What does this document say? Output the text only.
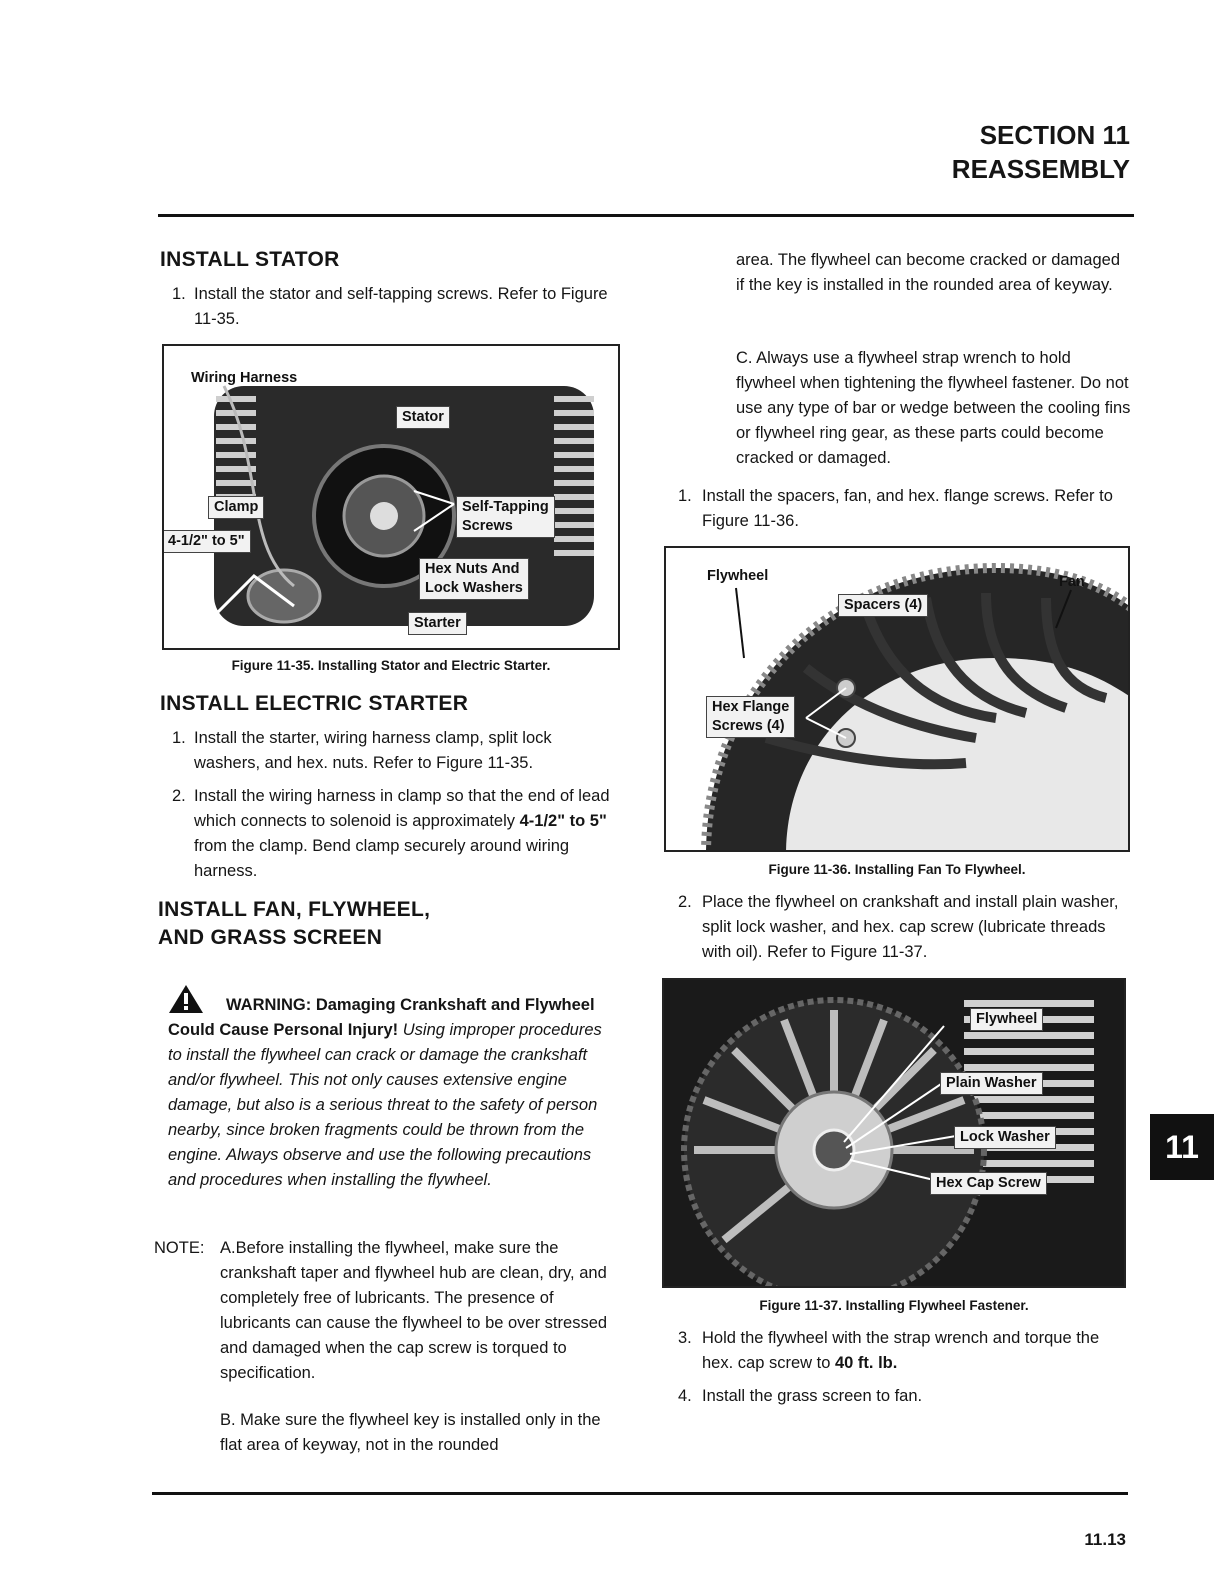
SECTION 11
REASSEMBLY
INSTALL STATOR
1. Install the stator and self-tapping screws. Refer to Figure 11-35.
Wiring Harness
Stator
Clamp	Self-Tapping
Screws
4-1/2" to 5"
Hex Nuts And
Lock Washers
Starter
Figure 11-35. Installing Stator and Electric Starter.
INSTALL ELECTRIC STARTER
1. Install the starter, wiring harness clamp, split lock washers, and hex. nuts. Refer to Figure 11-35.
2. Install the wiring harness in clamp so that the end of lead which connects to solenoid is approximately 4-1/2" to 5" from the clamp. Bend clamp securely around wiring harness.
INSTALL FAN, FLYWHEEL,
AND GRASS SCREEN
WARNING: Damaging Crankshaft and Flywheel Could Cause Personal Injury! Using improper procedures to install the flywheel can crack or damage the crankshaft and/or flywheel. This not only causes extensive engine damage, but also is a serious threat to the safety of person nearby, since broken fragments could be thrown from the engine. Always observe and use the following precautions and procedures when installing the flywheel.
NOTE: A.Before installing the flywheel, make sure the crankshaft taper and flywheel hub are clean, dry, and completely free of lubricants. The presence of lubricants can cause the flywheel to be over stressed and damaged when the cap screw is torqued to specification.
B. Make sure the flywheel key is installed only in the flat area of keyway, not in the rounded
area. The flywheel can become cracked or damaged if the key is installed in the rounded area of keyway.
C. Always use a flywheel strap wrench to hold flywheel when tightening the flywheel fastener. Do not use any type of bar or wedge between the cooling fins or flywheel ring gear, as these parts could become cracked or damaged.
1. Install the spacers, fan, and hex. flange screws. Refer to Figure 11-36.
Flywheel	Fan
Spacers (4)
Hex Flange
Screws (4)
Figure 11-36. Installing Fan To Flywheel.
2. Place the flywheel on crankshaft and install plain washer, split lock washer, and hex. cap screw (lubricate threads with oil). Refer to Figure 11-37.
Flywheel
Plain Washer
Lock Washer
Hex Cap Screw
Figure 11-37. Installing Flywheel Fastener.
3. Hold the flywheel with the strap wrench and torque the hex. cap screw to 40 ft. lb.
4. Install the grass screen to fan.
11
11.13
